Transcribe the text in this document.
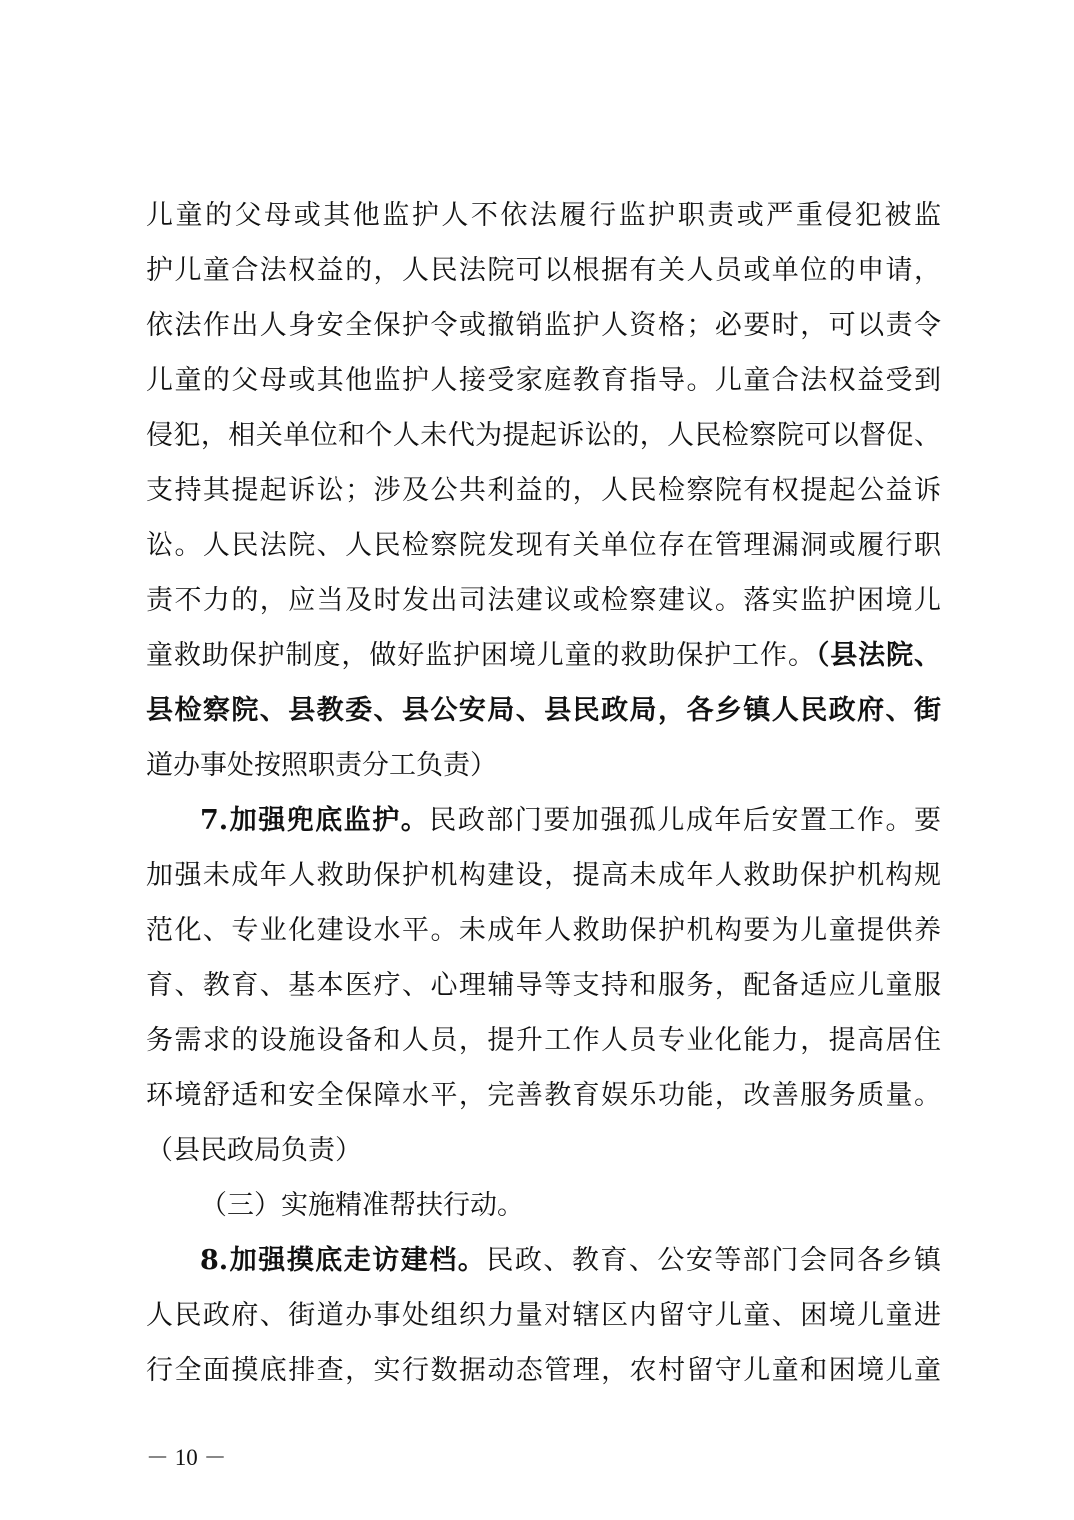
儿童的父母或其他监护人不依法履行监护职责或严重侵犯被监
护儿童合法权益的，人民法院可以根据有关人员或单位的申请，
依法作出人身安全保护令或撤销监护人资格；必要时，可以责令
儿童的父母或其他监护人接受家庭教育指导。儿童合法权益受到
侵犯，相关单位和个人未代为提起诉讼的，人民检察院可以督促、
支持其提起诉讼；涉及公共利益的，人民检察院有权提起公益诉
讼。人民法院、人民检察院发现有关单位存在管理漏洞或履行职
责不力的，应当及时发出司法建议或检察建议。落实监护困境儿
童救助保护制度，做好监护困境儿童的救助保护工作。（县法院、
县检察院、县教委、县公安局、县民政局，各乡镇人民政府、街
道办事处按照职责分工负责）
7.加强兜底监护。民政部门要加强孤儿成年后安置工作。要
加强未成年人救助保护机构建设，提高未成年人救助保护机构规
范化、专业化建设水平。未成年人救助保护机构要为儿童提供养
育、教育、基本医疗、心理辅导等支持和服务，配备适应儿童服
务需求的设施设备和人员，提升工作人员专业化能力，提高居住
环境舒适和安全保障水平，完善教育娱乐功能，改善服务质量。
（县民政局负责）
（三）实施精准帮扶行动。
8.加强摸底走访建档。民政、教育、公安等部门会同各乡镇
人民政府、街道办事处组织力量对辖区内留守儿童、困境儿童进
行全面摸底排查，实行数据动态管理，农村留守儿童和困境儿童
－ 10 －
